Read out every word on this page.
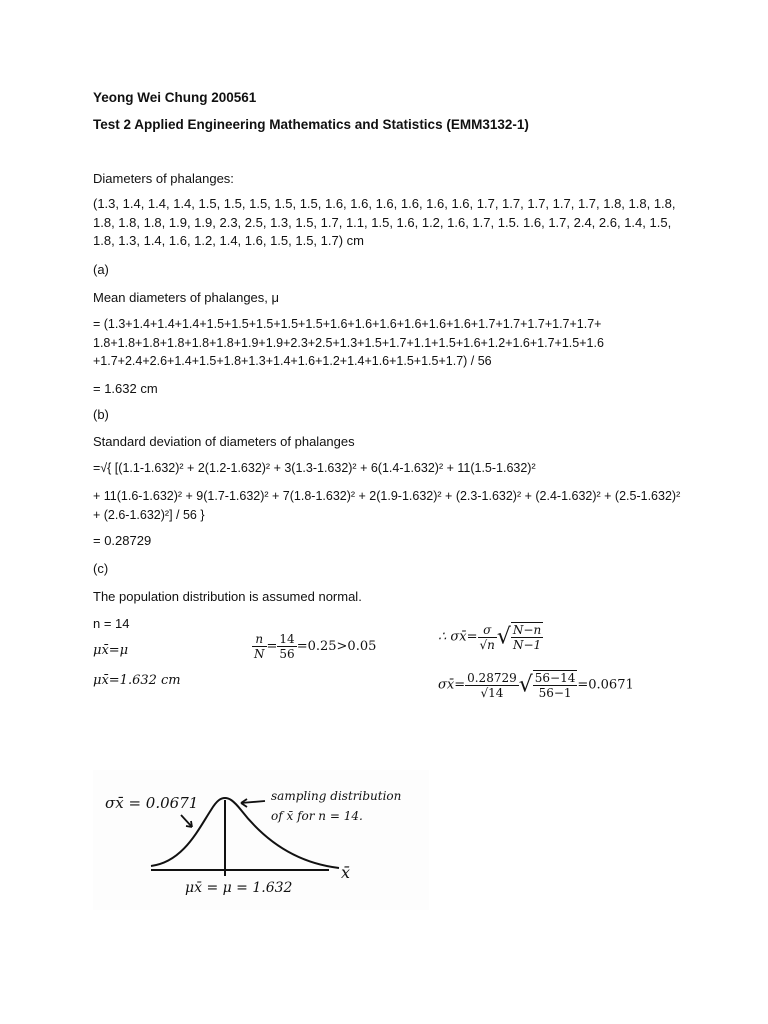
Yeong Wei Chung 200561
Test 2 Applied Engineering Mathematics and Statistics (EMM3132-1)
Diameters of phalanges:
(1.3, 1.4, 1.4, 1.4, 1.5, 1.5, 1.5, 1.5, 1.5, 1.6, 1.6, 1.6, 1.6, 1.6, 1.6, 1.7, 1.7, 1.7, 1.7, 1.7, 1.8, 1.8, 1.8, 1.8, 1.8, 1.8, 1.9, 1.9, 2.3, 2.5, 1.3, 1.5, 1.7, 1.1, 1.5, 1.6, 1.2, 1.6, 1.7, 1.5. 1.6, 1.7, 2.4, 2.6, 1.4, 1.5, 1.8, 1.3, 1.4, 1.6, 1.2, 1.4, 1.6, 1.5, 1.5, 1.7) cm
(a)
Mean diameters of phalanges, μ
= (1.3+1.4+1.4+1.4+1.5+1.5+1.5+1.5+1.5+1.6+1.6+1.6+1.6+1.6+1.6+1.7+1.7+1.7+1.7+1.7+ 1.8+1.8+1.8+1.8+1.8+1.8+1.9+1.9+2.3+2.5+1.3+1.5+1.7+1.1+1.5+1.6+1.2+1.6+1.7+1.5+1.6 +1.7+2.4+2.6+1.4+1.5+1.8+1.3+1.4+1.6+1.2+1.4+1.6+1.5+1.5+1.7) / 56
= 1.632 cm
(b)
Standard deviation of diameters of phalanges
=√{ [(1.1-1.632)² + 2(1.2-1.632)² + 3(1.3-1.632)² + 6(1.4-1.632)² + 11(1.5-1.632)²
+ 11(1.6-1.632)² + 9(1.7-1.632)² + 7(1.8-1.632)² + 2(1.9-1.632)² + (2.3-1.632)² + (2.4-1.632)² + (2.5-1.632)² + (2.6-1.632)²] / 56 }
= 0.28729
(c)
The population distribution is assumed normal.
n = 14
μx̄=μ
μx̄=1.632 cm
$\frac{n}{N} = \frac{14}{56} =0.25>0.05$
∴ σx̄= $\frac{\sigma}{√n}$ √ $\frac{N-n}{N-1}$
σx̄= $\frac{0.28729}{√14}$ √ $\frac{56-14}{56-1} =0.0671$
σx̄ = 0.0671	sampling distribution
of x̄ for n = 14.
μx̄ = μ = 1.632
x̄
